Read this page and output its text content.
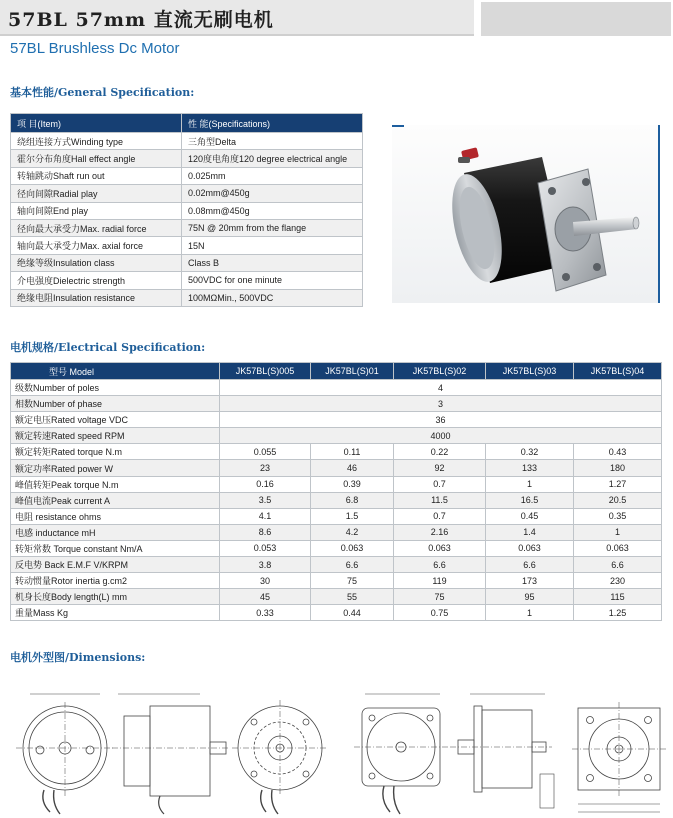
57BL 57mm 直流无刷电机
57BL Brushless Dc Motor
基本性能/General Specification:
项 目(Item)	性 能(Specifications)
绕组连接方式Winding type	三角型Delta
霍尔分布角度Hall effect angle	120度电角度120 degree electrical angle
转轴跳动Shaft run out	0.025mm
径向间隙Radial play	0.02mm@450g
轴向间隙End play	0.08mm@450g
径向最大承受力Max. radial force	75N @ 20mm from the flange
轴向最大承受力Max. axial force	15N
绝缘等级Insulation class	Class B
介电强度Dielectric strength	500VDC for one minute
绝缘电阻Insulation resistance	100MΩMin., 500VDC
电机规格/Electrical Specification:
型号 Model	JK57BL(S)005	JK57BL(S)01	JK57BL(S)02	JK57BL(S)03	JK57BL(S)04
级数Number of poles	4				
相数Number of phase	3				
额定电压Rated voltage VDC	36				
额定转速Rated speed RPM	4000				
额定转矩Rated torque N.m	0.055	0.11	0.22	0.32	0.43
额定功率Rated power W	23	46	92	133	180
峰值转矩Peak torque N.m	0.16	0.39	0.7	1	1.27
峰值电流Peak current A	3.5	6.8	11.5	16.5	20.5
电阻 resistance ohms	4.1	1.5	0.7	0.45	0.35
电感 inductance mH	8.6	4.2	2.16	1.4	1
转矩常数 Torque constant Nm/A	0.053	0.063	0.063	0.063	0.063
反电势 Back E.M.F V/KRPM	3.8	6.6	6.6	6.6	6.6
转动惯量Rotor inertia g.cm2	30	75	119	173	230
机身长度Body length(L) mm	45	55	75	95	115
重量Mass Kg	0.33	0.44	0.75	1	1.25
电机外型图/Dimensions:
